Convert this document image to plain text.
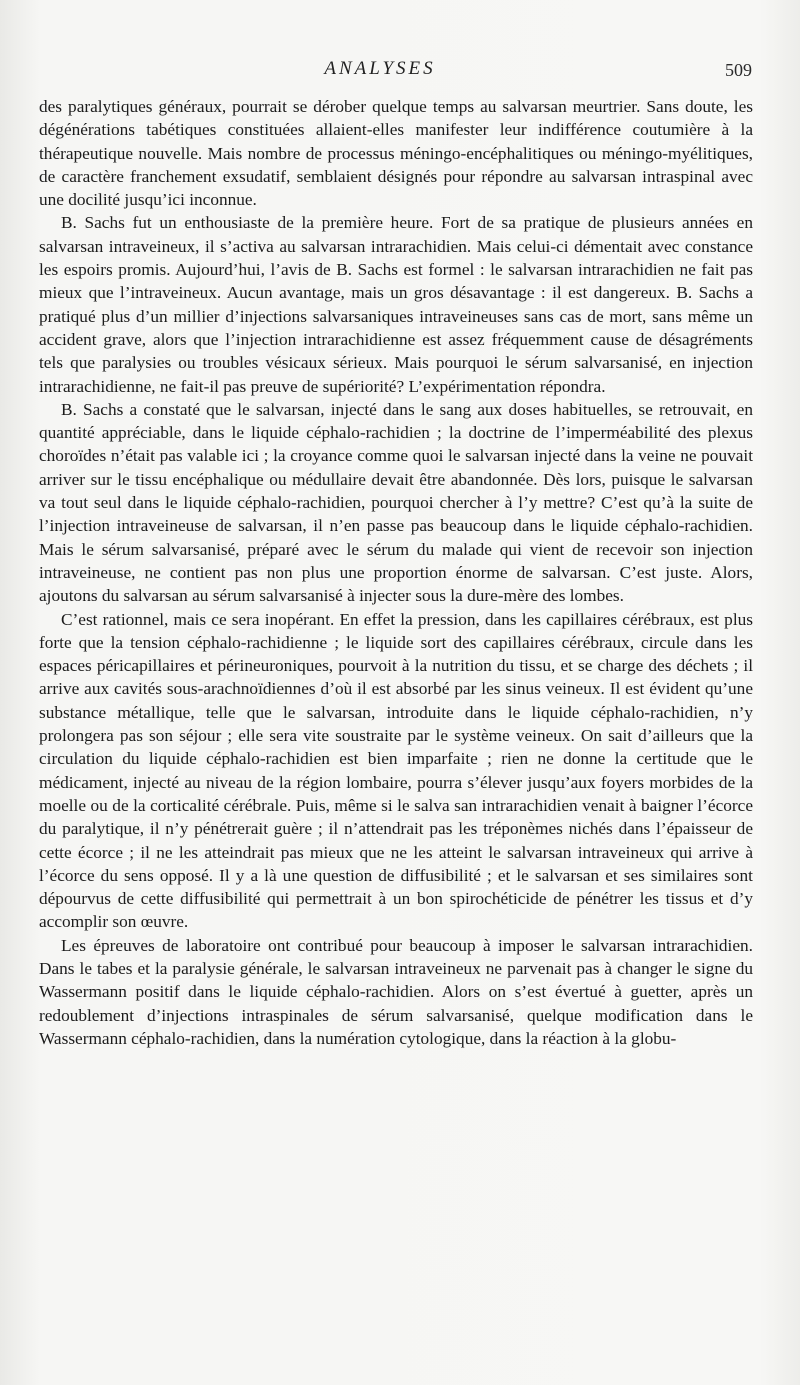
ANALYSES	509

des paralytiques généraux, pourrait se dérober quelque temps au salvarsan meurtrier. Sans doute, les dégénérations tabétiques constituées allaient-elles manifester leur indifférence coutumière à la thérapeutique nouvelle. Mais nombre de processus méningo-encéphalitiques ou méningo-myélitiques, de caractère franchement exsudatif, semblaient désignés pour répondre au salvarsan intraspinal avec une docilité jusqu’ici inconnue.

B. Sachs fut un enthousiaste de la première heure. Fort de sa pratique de plusieurs années en salvarsan intraveineux, il s’activa au salvarsan intrarachidien. Mais celui-ci démentait avec constance les espoirs promis. Aujourd’hui, l’avis de B. Sachs est formel : le salvarsan intrarachidien ne fait pas mieux que l’intraveineux. Aucun avantage, mais un gros désavantage : il est dangereux. B. Sachs a pratiqué plus d’un millier d’injections salvarsaniques intraveineuses sans cas de mort, sans même un accident grave, alors que l’injection intrarachidienne est assez fréquemment cause de désagréments tels que paralysies ou troubles vésicaux sérieux. Mais pourquoi le sérum salvarsanisé, en injection intrarachidienne, ne fait-il pas preuve de supériorité? L’expérimentation répondra.

B. Sachs a constaté que le salvarsan, injecté dans le sang aux doses habituelles, se retrouvait, en quantité appréciable, dans le liquide céphalo-rachidien ; la doctrine de l’imperméabilité des plexus choroïdes n’était pas valable ici ; la croyance comme quoi le salvarsan injecté dans la veine ne pouvait arriver sur le tissu encéphalique ou médullaire devait être abandonnée. Dès lors, puisque le salvarsan va tout seul dans le liquide céphalo-rachidien, pourquoi chercher à l’y mettre? C’est qu’à la suite de l’injection intraveineuse de salvarsan, il n’en passe pas beaucoup dans le liquide céphalo-rachidien. Mais le sérum salvarsanisé, préparé avec le sérum du malade qui vient de recevoir son injection intraveineuse, ne contient pas non plus une proportion énorme de salvarsan. C’est juste. Alors, ajoutons du salvarsan au sérum salvarsanisé à injecter sous la dure-mère des lombes.

C’est rationnel, mais ce sera inopérant. En effet la pression, dans les capillaires cérébraux, est plus forte que la tension céphalo-rachidienne ; le liquide sort des capillaires cérébraux, circule dans les espaces péricapillaires et périneuroniques, pourvoit à la nutrition du tissu, et se charge des déchets ; il arrive aux cavités sous-arachnoïdiennes d’où il est absorbé par les sinus veineux. Il est évident qu’une substance métallique, telle que le salvarsan, introduite dans le liquide céphalo-rachidien, n’y prolongera pas son séjour ; elle sera vite soustraite par le système veineux. On sait d’ailleurs que la circulation du liquide céphalo-rachidien est bien imparfaite ; rien ne donne la certitude que le médicament, injecté au niveau de la région lombaire, pourra s’élever jusqu’aux foyers morbides de la moelle ou de la corticalité cérébrale. Puis, même si le salva san intrarachidien venait à baigner l’écorce du paralytique, il n’y pénétrerait guère ; il n’attendrait pas les tréponèmes nichés dans l’épaisseur de cette écorce ; il ne les atteindrait pas mieux que ne les atteint le salvarsan intraveineux qui arrive à l’écorce du sens opposé. Il y a là une question de diffusibilité ; et le salvarsan et ses similaires sont dépourvus de cette diffusibilité qui permettrait à un bon spirochéticide de pénétrer les tissus et d’y accomplir son œuvre.

Les épreuves de laboratoire ont contribué pour beaucoup à imposer le salvarsan intrarachidien. Dans le tabes et la paralysie générale, le salvarsan intraveineux ne parvenait pas à changer le signe du Wassermann positif dans le liquide céphalo-rachidien. Alors on s’est évertué à guetter, après un redoublement d’injections intraspinales de sérum salvarsanisé, quelque modification dans le Wassermann céphalo-rachidien, dans la numération cytologique, dans la réaction à la globu-
